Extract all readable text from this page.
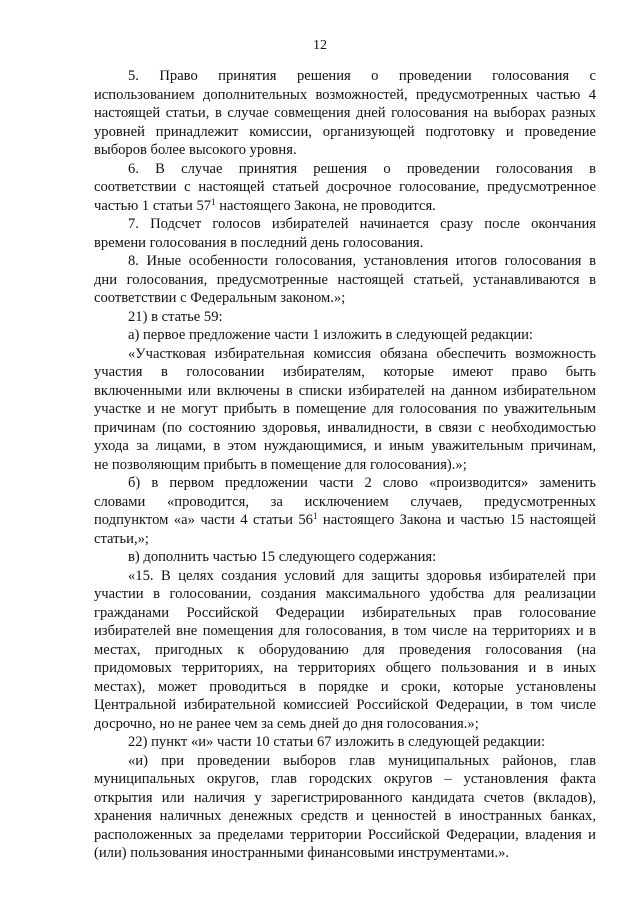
12
5. Право принятия решения о проведении голосования с
использованием дополнительных возможностей, предусмотренных частью 4
настоящей статьи, в случае совмещения дней голосования на выборах разных
уровней принадлежит комиссии, организующей подготовку и проведение
выборов более высокого уровня.
6. В случае принятия решения о проведении голосования в
соответствии с настоящей статьей досрочное голосование, предусмотренное
частью 1 статьи $57^1$ настоящего Закона, не проводится.
7. Подсчет голосов избирателей начинается сразу после окончания
времени голосования в последний день голосования.
8. Иные особенности голосования, установления итогов голосования в
дни голосования, предусмотренные настоящей статьей, устанавливаются в
соответствии с Федеральным законом.»;
21) в статье 59:
а) первое предложение части 1 изложить в следующей редакции:
«Участковая избирательная комиссия обязана обеспечить возможность
участия в голосовании избирателям, которые имеют право быть
включенными или включены в списки избирателей на данном избирательном
участке и не могут прибыть в помещение для голосования по уважительным
причинам (по состоянию здоровья, инвалидности, в связи с необходимостью
ухода за лицами, в этом нуждающимися, и иным уважительным причинам,
не позволяющим прибыть в помещение для голосования).»;
б) в первом предложении части 2 слово «производится» заменить
словами «проводится, за исключением случаев, предусмотренных
подпунктом «а» части 4 статьи $56^1$ настоящего Закона и частью 15 настоящей
статьи,»;
в) дополнить частью 15 следующего содержания:
«15. В целях создания условий для защиты здоровья избирателей при
участии в голосовании, создания максимального удобства для реализации
гражданами Российской Федерации избирательных прав голосование
избирателей вне помещения для голосования, в том числе на территориях и в
местах, пригодных к оборудованию для проведения голосования (на
придомовых территориях, на территориях общего пользования и в иных
местах), может проводиться в порядке и сроки, которые установлены
Центральной избирательной комиссией Российской Федерации, в том числе
досрочно, но не ранее чем за семь дней до дня голосования.»;
22) пункт «и» части 10 статьи 67 изложить в следующей редакции:
«и) при проведении выборов глав муниципальных районов, глав
муниципальных округов, глав городских округов – установления факта
открытия или наличия у зарегистрированного кандидата счетов (вкладов),
хранения наличных денежных средств и ценностей в иностранных банках,
расположенных за пределами территории Российской Федерации, владения и
(или) пользования иностранными финансовыми инструментами.».
